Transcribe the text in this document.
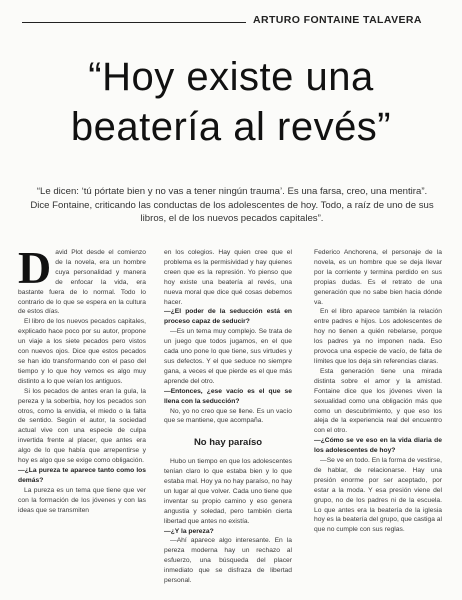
ARTURO FONTAINE TALAVERA
“Hoy existe una beatería al revés”
“Le dicen: ‘tú pórtate bien y no vas a tener ningún trauma’. Es una farsa, creo, una mentira”. Dice Fontaine, criticando las conductas de los adolescentes de hoy. Todo, a raíz de uno de sus libros, el de los nuevos pecados capitales”.
D avid Plot desde el comienzo de la novela, era un hombre cuya personalidad y manera de enfocar la vida, era bastante fuera de lo normal. Todo lo contrario de lo que se espera en la cultura de estos días.

El libro de los nuevos pecados capitales, explicado hace poco por su autor, propone un viaje a los siete pecados pero vistos con nuevos ojos. Dice que estos pecados se han ido transformando con el paso del tiempo y lo que hoy vemos es algo muy distinto a lo que veían los antiguos.

Si los pecados de antes eran la gula, la pereza y la soberbia, hoy los pecados son otros, como la envidia, el miedo o la falta de sentido. Según el autor, la sociedad actual vive con una especie de culpa invertida frente al placer, que antes era algo de lo que había que arrepentirse y hoy es algo que se exige como obligación.

—¿La pureza te aparece tanto como los demás?

La pureza es un tema que tiene que ver con la formación de los jóvenes y con las ideas que se transmiten

en los colegios. Hay quien cree que el problema es la permisividad y hay quienes creen que es la represión. Yo pienso que hoy existe una beatería al revés, una nueva moral que dice qué cosas debemos hacer.

—¿El poder de la seducción está en proceso capaz de seducir?

—Es un tema muy complejo. Se trata de un juego que todos jugamos, en el que cada uno pone lo que tiene, sus virtudes y sus defectos. Y el que seduce no siempre gana, a veces el que pierde es el que más aprende del otro.

—Entonces, ¿ese vacío es el que se llena con la seducción?

No, yo no creo que se llene. Es un vacío que se mantiene, que acompaña.

No hay paraíso

Hubo un tiempo en que los adolescentes tenían claro lo que estaba bien y lo que estaba mal. Hoy ya no hay paraíso, no hay un lugar al que volver. Cada uno tiene que inventar su propio camino y eso genera angustia y soledad, pero también cierta libertad que antes no existía.

—¿Y la pereza?

—Ahí aparece algo interesante. En la pereza moderna hay un rechazo al esfuerzo, una búsqueda del placer inmediato que se disfraza de libertad personal.

Federico Anchorena, el personaje de la novela, es un hombre que se deja llevar por la corriente y termina perdido en sus propias dudas. Es el retrato de una generación que no sabe bien hacia dónde va.

En el libro aparece también la relación entre padres e hijos. Los adolescentes de hoy no tienen a quién rebelarse, porque los padres ya no imponen nada. Eso provoca una especie de vacío, de falta de límites que los deja sin referencias claras.

Esta generación tiene una mirada distinta sobre el amor y la amistad. Fontaine dice que los jóvenes viven la sexualidad como una obligación más que como un descubrimiento, y que eso los aleja de la experiencia real del encuentro con el otro.

—¿Cómo se ve eso en la vida diaria de los adolescentes de hoy?

—Se ve en todo. En la forma de vestirse, de hablar, de relacionarse. Hay una presión enorme por ser aceptado, por estar a la moda. Y esa presión viene del grupo, no de los padres ni de la escuela. Lo que antes era la beatería de la iglesia hoy es la beatería del grupo, que castiga al que no cumple con sus reglas.
